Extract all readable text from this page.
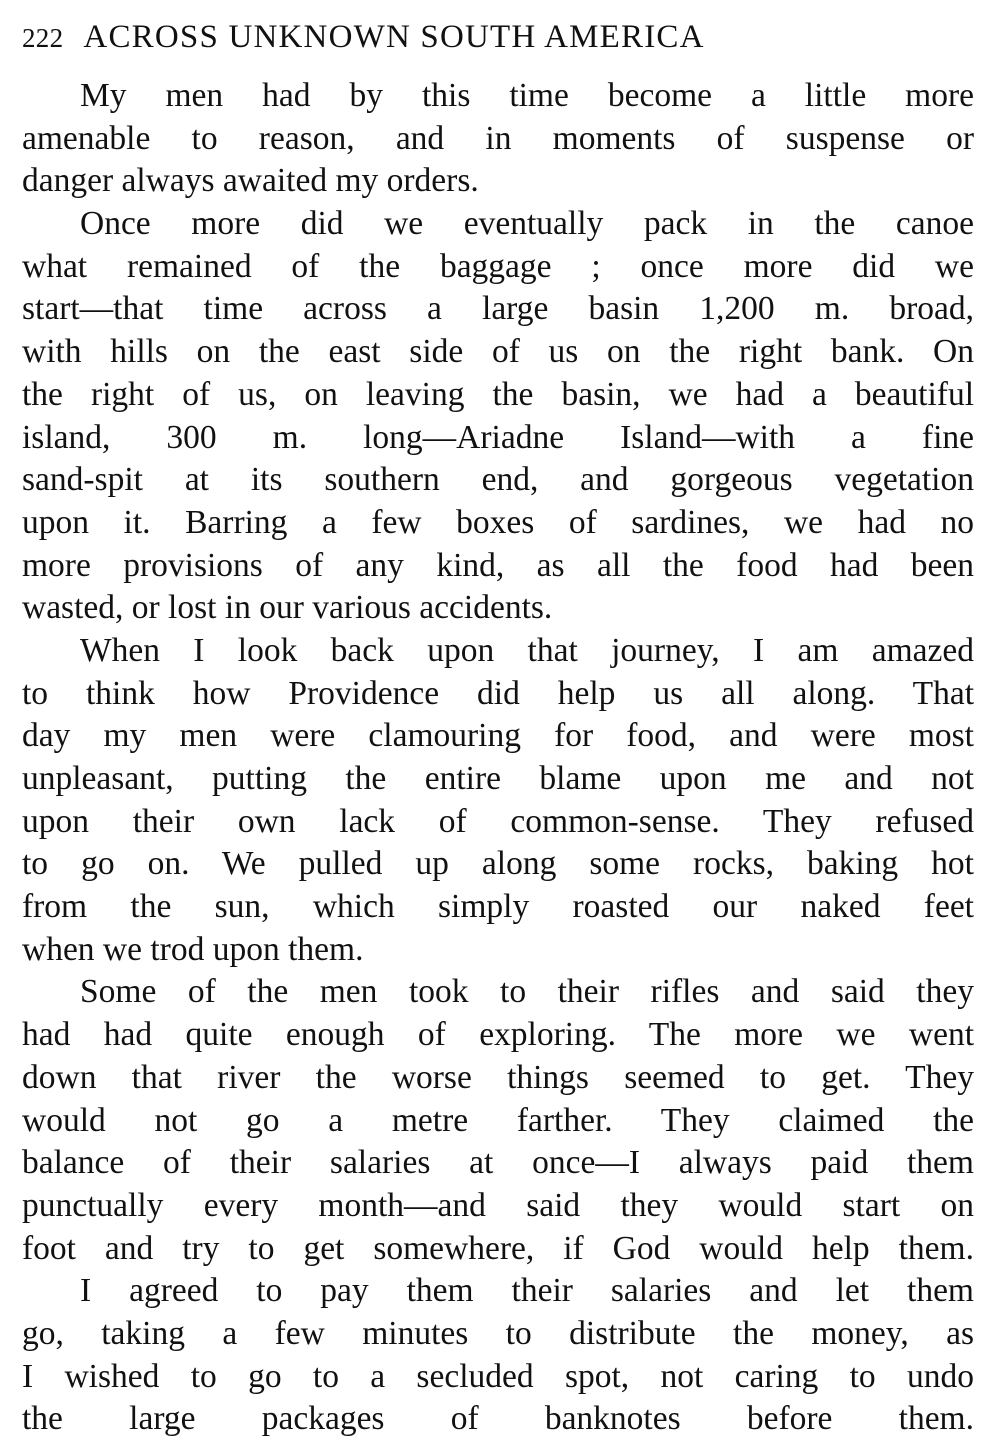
222 ACROSS UNKNOWN SOUTH AMERICA

My men had by this time become a little more
amenable to reason, and in moments of suspense or
danger always awaited my orders.

Once more did we eventually pack in the canoe
what remained of the baggage ; once more did we
start—that time across a large basin 1,200 m. broad,
with hills on the east side of us on the right bank. On
the right of us, on leaving the basin, we had a beautiful
island, 300 m. long—Ariadne Island—with a fine
sand-spit at its southern end, and gorgeous vegetation
upon it. Barring a few boxes of sardines, we had no
more provisions of any kind, as all the food had been
wasted, or lost in our various accidents.

When I look back upon that journey, I am amazed
to think how Providence did help us all along. That
day my men were clamouring for food, and were most
unpleasant, putting the entire blame upon me and not
upon their own lack of common-sense. They refused
to go on. We pulled up along some rocks, baking hot
from the sun, which simply roasted our naked feet
when we trod upon them.

Some of the men took to their rifles and said they
had had quite enough of exploring. The more we went
down that river the worse things seemed to get. They
would not go a metre farther. They claimed the
balance of their salaries at once—I always paid them
punctually every month—and said they would start on
foot and try to get somewhere, if God would help them.

I agreed to pay them their salaries and let them
go, taking a few minutes to distribute the money, as
I wished to go to a secluded spot, not caring to undo
the large packages of banknotes before them.
